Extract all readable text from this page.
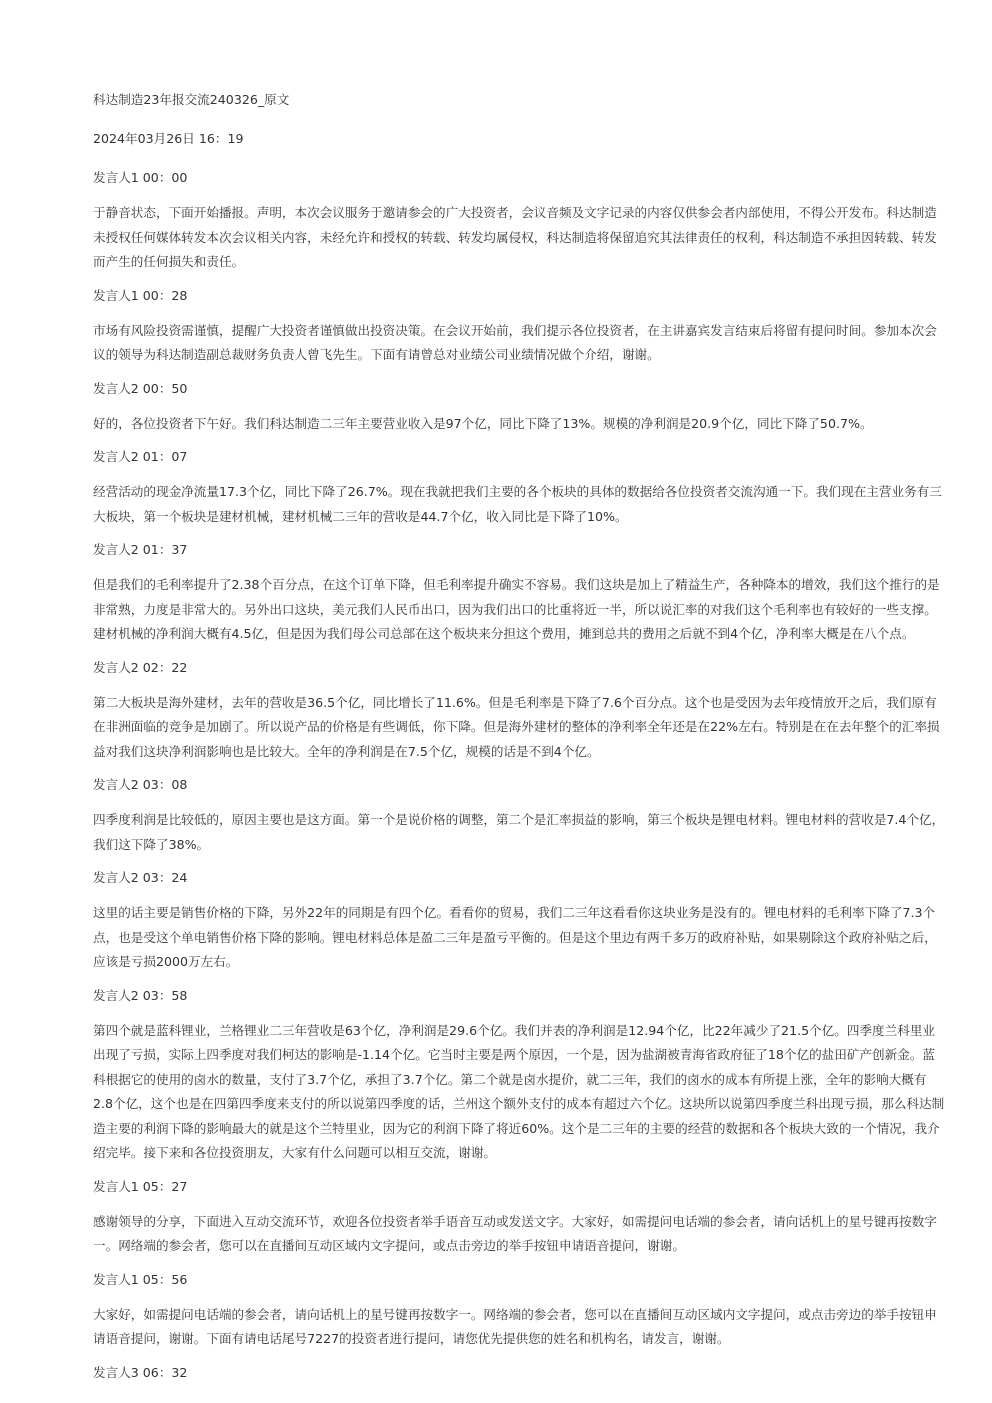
科达制造23年报交流240326_原文
2024年03月26日 16：19
发言人1 00：00
于静音状态，下面开始播报。声明，本次会议服务于邀请参会的广大投资者，会议音频及文字记录的内容仅供参会者内部使用，不得公开发布。科达制造未授权任何媒体转发本次会议相关内容，未经允许和授权的转载、转发均属侵权，科达制造将保留追究其法律责任的权利，科达制造不承担因转载、转发而产生的任何损失和责任。
发言人1 00：28
市场有风险投资需谨慎，提醒广大投资者谨慎做出投资决策。在会议开始前，我们提示各位投资者，在主讲嘉宾发言结束后将留有提问时间。参加本次会议的领导为科达制造副总裁财务负责人曾飞先生。下面有请曾总对业绩公司业绩情况做个介绍，谢谢。
发言人2 00：50
好的，各位投资者下午好。我们科达制造二三年主要营业收入是97个亿，同比下降了13%。规模的净利润是20.9个亿，同比下降了50.7%。
发言人2 01：07
经营活动的现金净流量17.3个亿，同比下降了26.7%。现在我就把我们主要的各个板块的具体的数据给各位投资者交流沟通一下。我们现在主营业务有三大板块，第一个板块是建材机械，建材机械二三年的营收是44.7个亿，收入同比是下降了10%。
发言人2 01：37
但是我们的毛利率提升了2.38个百分点，在这个订单下降，但毛利率提升确实不容易。我们这块是加上了精益生产，各种降本的增效，我们这个推行的是非常熟，力度是非常大的。另外出口这块，美元我们人民币出口，因为我们出口的比重将近一半，所以说汇率的对我们这个毛利率也有较好的一些支撑。建材机械的净利润大概有4.5亿，但是因为我们母公司总部在这个板块来分担这个费用，摊到总共的费用之后就不到4个亿，净利率大概是在八个点。
发言人2 02：22
第二大板块是海外建材，去年的营收是36.5个亿，同比增长了11.6%。但是毛利率是下降了7.6个百分点。这个也是受因为去年疫情放开之后，我们原有在非洲面临的竞争是加剧了。所以说产品的价格是有些调低，你下降。但是海外建材的整体的净利率全年还是在22%左右。特别是在在去年整个的汇率损益对我们这块净利润影响也是比较大。全年的净利润是在7.5个亿，规模的话是不到4个亿。
发言人2 03：08
四季度利润是比较低的，原因主要也是这方面。第一个是说价格的调整，第二个是汇率损益的影响，第三个板块是锂电材料。锂电材料的营收是7.4个亿，我们这下降了38%。
发言人2 03：24
这里的话主要是销售价格的下降，另外22年的同期是有四个亿。看看你的贸易，我们二三年这看看你这块业务是没有的。锂电材料的毛利率下降了7.3个点，也是受这个单电销售价格下降的影响。锂电材料总体是盈二三年是盈亏平衡的。但是这个里边有两千多万的政府补贴，如果剔除这个政府补贴之后，应该是亏损2000万左右。
发言人2 03：58
第四个就是蓝科锂业，兰格锂业二三年营收是63个亿，净利润是29.6个亿。我们并表的净利润是12.94个亿，比22年减少了21.5个亿。四季度兰科里业出现了亏损，实际上四季度对我们柯达的影响是-1.14个亿。它当时主要是两个原因，一个是，因为盐湖被青海省政府征了18个亿的盐田矿产创新金。蓝科根据它的使用的卤水的数量，支付了3.7个亿，承担了3.7个亿。第二个就是卤水提价，就二三年，我们的卤水的成本有所提上涨，全年的影响大概有2.8个亿，这个也是在四第四季度来支付的所以说第四季度的话，兰州这个额外支付的成本有超过六个亿。这块所以说第四季度兰科出现亏损，那么科达制造主要的利润下降的影响最大的就是这个兰特里业，因为它的利润下降了将近60%。这个是二三年的主要的经营的数据和各个板块大致的一个情况，我介绍完毕。接下来和各位投资朋友，大家有什么问题可以相互交流，谢谢。
发言人1 05：27
感谢领导的分享，下面进入互动交流环节，欢迎各位投资者举手语音互动或发送文字。大家好，如需提问电话端的参会者，请向话机上的星号键再按数字一。网络端的参会者，您可以在直播间互动区域内文字提问，或点击旁边的举手按钮申请语音提问，谢谢。
发言人1 05：56
大家好，如需提问电话端的参会者，请向话机上的星号键再按数字一。网络端的参会者，您可以在直播间互动区域内文字提问，或点击旁边的举手按钮申请语音提问，谢谢。下面有请电话尾号7227的投资者进行提问，请您优先提供您的姓名和机构名，请发言，谢谢。
发言人3 06：32
